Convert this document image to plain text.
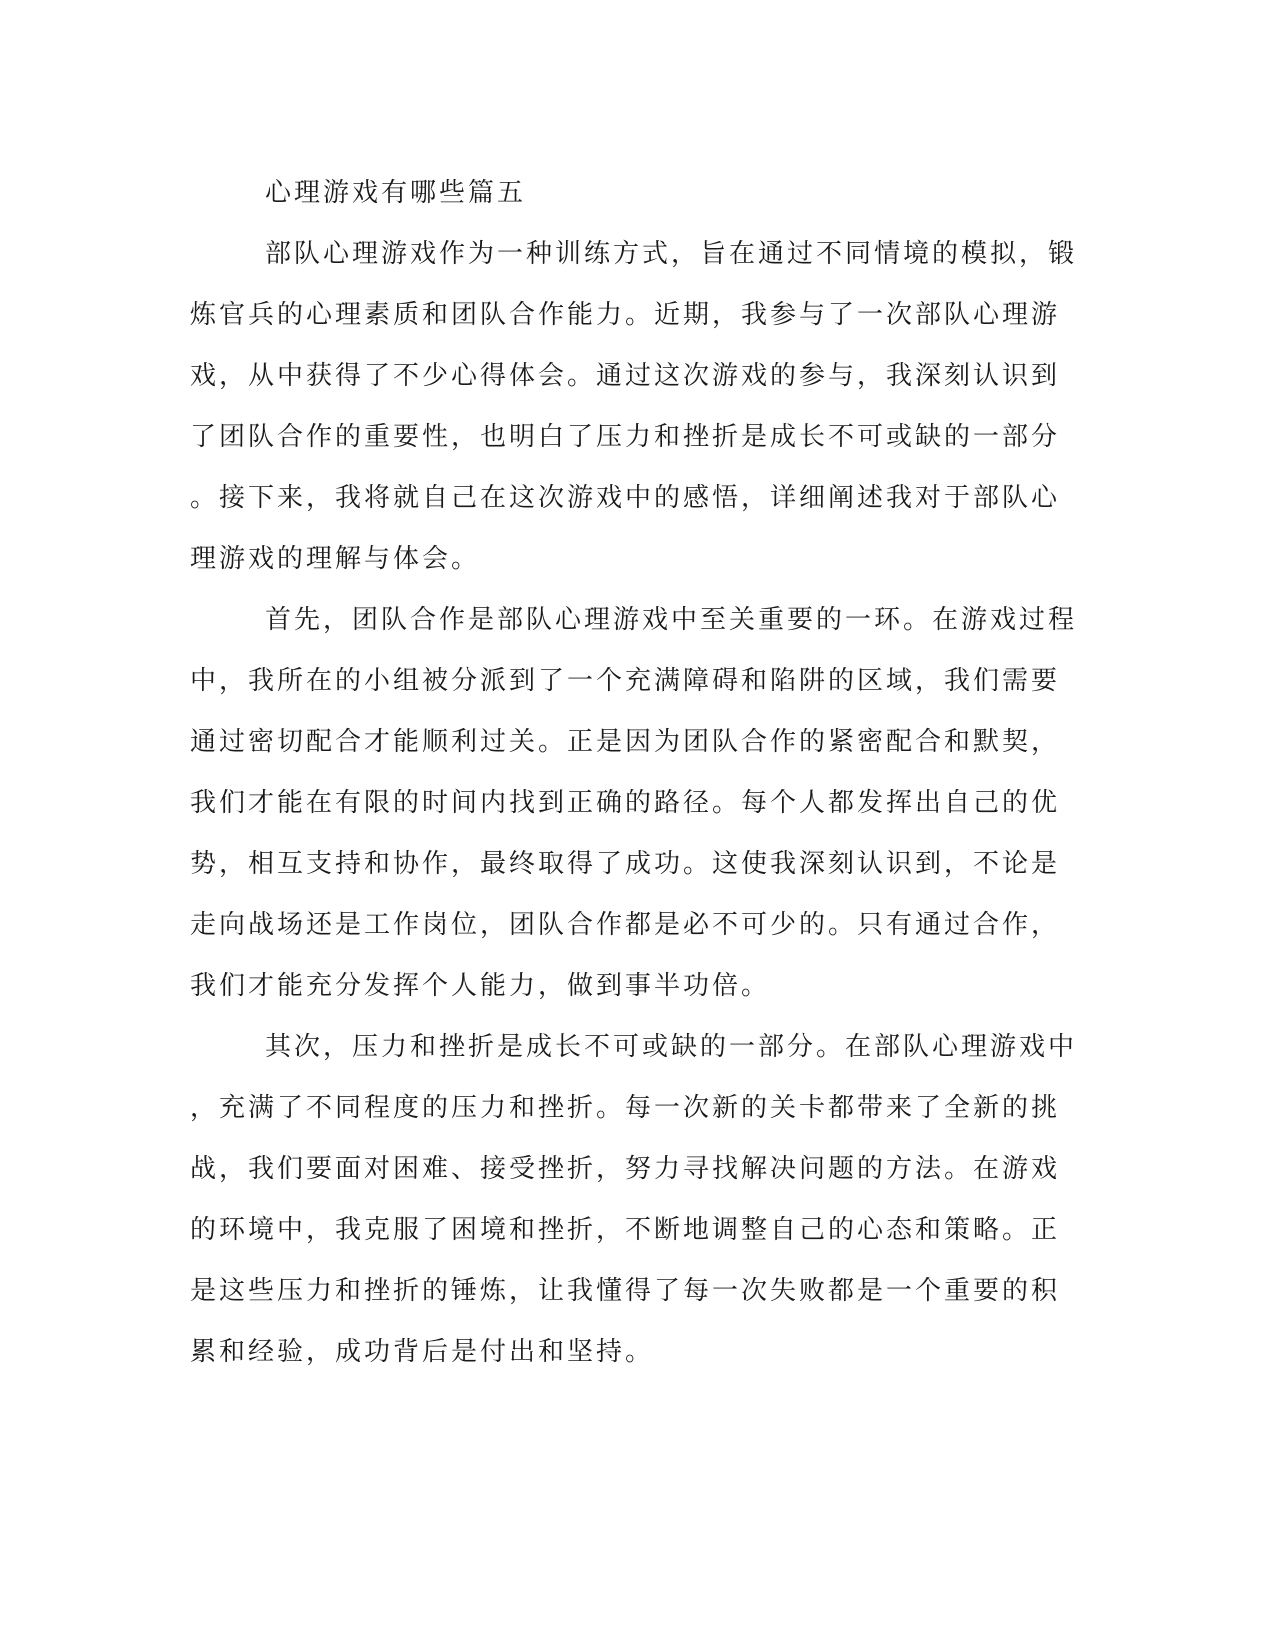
心理游戏有哪些篇五
部队心理游戏作为一种训练方式，旨在通过不同情境的模拟，锻
炼官兵的心理素质和团队合作能力。近期，我参与了一次部队心理游
戏，从中获得了不少心得体会。通过这次游戏的参与，我深刻认识到
了团队合作的重要性，也明白了压力和挫折是成长不可或缺的一部分
。接下来，我将就自己在这次游戏中的感悟，详细阐述我对于部队心
理游戏的理解与体会。
首先，团队合作是部队心理游戏中至关重要的一环。在游戏过程
中，我所在的小组被分派到了一个充满障碍和陷阱的区域，我们需要
通过密切配合才能顺利过关。正是因为团队合作的紧密配合和默契，
我们才能在有限的时间内找到正确的路径。每个人都发挥出自己的优
势，相互支持和协作，最终取得了成功。这使我深刻认识到，不论是
走向战场还是工作岗位，团队合作都是必不可少的。只有通过合作，
我们才能充分发挥个人能力，做到事半功倍。
其次，压力和挫折是成长不可或缺的一部分。在部队心理游戏中
，充满了不同程度的压力和挫折。每一次新的关卡都带来了全新的挑
战，我们要面对困难、接受挫折，努力寻找解决问题的方法。在游戏
的环境中，我克服了困境和挫折，不断地调整自己的心态和策略。正
是这些压力和挫折的锤炼，让我懂得了每一次失败都是一个重要的积
累和经验，成功背后是付出和坚持。
